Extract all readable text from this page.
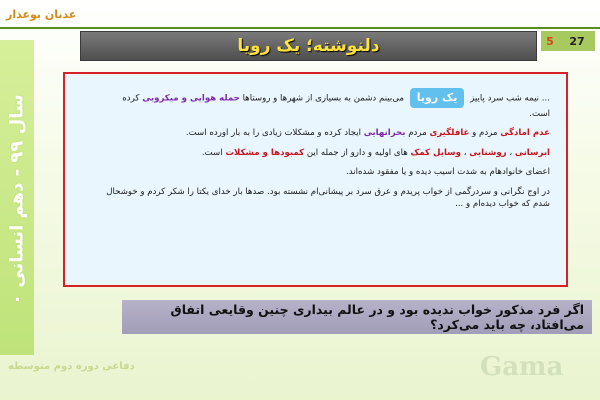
عدنان بوعذار
دلنوشته؛ یک رویا	5	27
سال ۹۹ - دهم انسانی ۰	... نیمه شب سرد پاییز یک رویا می‌بینم دشمن به بسیاری از شهرها و روستاها حمله هوایی و میکروبی کرده است.
عدم امادگی مردم و غافلگیری مردم بحرانهایی ایجاد کرده و مشکلات زیادی را به بار اورده است.
ابرسانی ، روشنایی ، وسایل کمک های اولیه و دارو از جمله این کمبودها و مشکلات است.
اعضای خانوادهام به شدت اسیب دیده و یا مفقود شده‌اند.
در اوج نگرانی و سردرگمی از خواب پریدم و عرق سرد بر پیشانی‌ام نشسته بود. صدها بار خدای یکتا را شکر کردم و خوشحال شدم که خواب دیده‌ام و ...
اگر فرد مذکور خواب ندیده بود و در عالم بیداری چنین وقایعی اتفاق می‌افتاد، چه باید می‌کرد؟
دفاعی دوره دوم متوسطه	Gama
